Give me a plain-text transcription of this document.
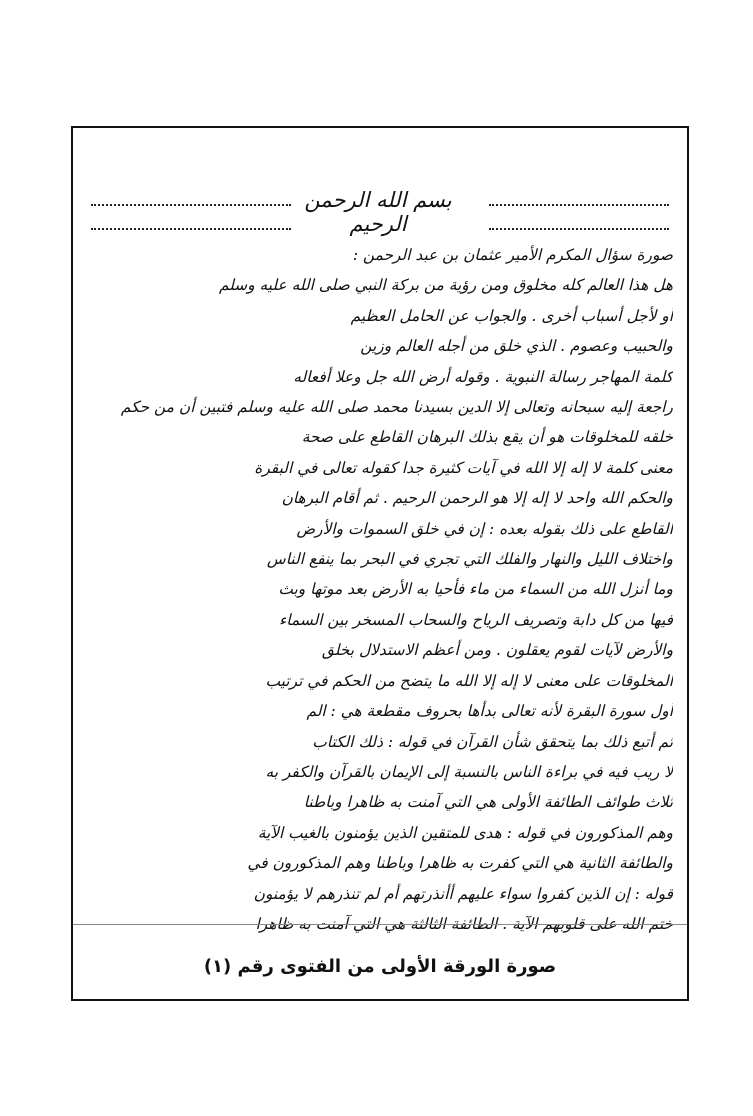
بسم الله الرحمن الرحيم
صورة سؤال المكرم الأمير عثمان بن عبد الرحمن :
هل هذا العالم كله مخلوق ومن رؤية من بركة النبي صلى الله عليه وسلم
أو لأجل أسباب أخرى . والجواب عن الحامل العظيم
والحبيب وعصوم . الذي خلق من أجله العالم وزين
كلمة المهاجر رسالة النبوية . وقوله أرض الله جل وعلا أفعاله
راجعة إليه سبحانه وتعالى إلا الدين بسيدنا محمد صلى الله عليه وسلم فتبين أن من حكم
خلقه للمخلوقات هو أن يقع بذلك البرهان القاطع على صحة
معنى كلمة لا إله إلا الله في آيات كثيرة جدا كقوله تعالى في البقرة
والحكم الله واحد لا إله إلا هو الرحمن الرحيم . ثم أقام البرهان
القاطع على ذلك بقوله بعده : إن في خلق السموات والأرض
واختلاف الليل والنهار والفلك التي تجري في البحر بما ينفع الناس
وما أنزل الله من السماء من ماء فأحيا به الأرض بعد موتها وبث
فيها من كل دابة وتصريف الرياح والسحاب المسخر بين السماء
والأرض لآيات لقوم يعقلون . ومن أعظم الاستدلال بخلق
المخلوقات على معنى لا إله إلا الله ما يتضح من الحكم في ترتيب
أول سورة البقرة لأنه تعالى بدأها بحروف مقطعة هي : الم
ثم أتبع ذلك بما يتحقق شأن القرآن في قوله : ذلك الكتاب
لا ريب فيه في براءة الناس بالنسبة إلى الإيمان بالقرآن والكفر به
ثلاث طوائف الطائفة الأولى هي التي آمنت به ظاهرا وباطنا
وهم المذكورون في قوله : هدى للمتقين الذين يؤمنون بالغيب الآية
والطائفة الثانية هي التي كفرت به ظاهرا وباطنا وهم المذكورون في
قوله : إن الذين كفروا سواء عليهم أأنذرتهم أم لم تنذرهم لا يؤمنون
ختم الله على قلوبهم الآية . الطائفة الثالثة هي التي آمنت به ظاهرا
صورة الورقة الأولى من الفتوى رقم (١)
